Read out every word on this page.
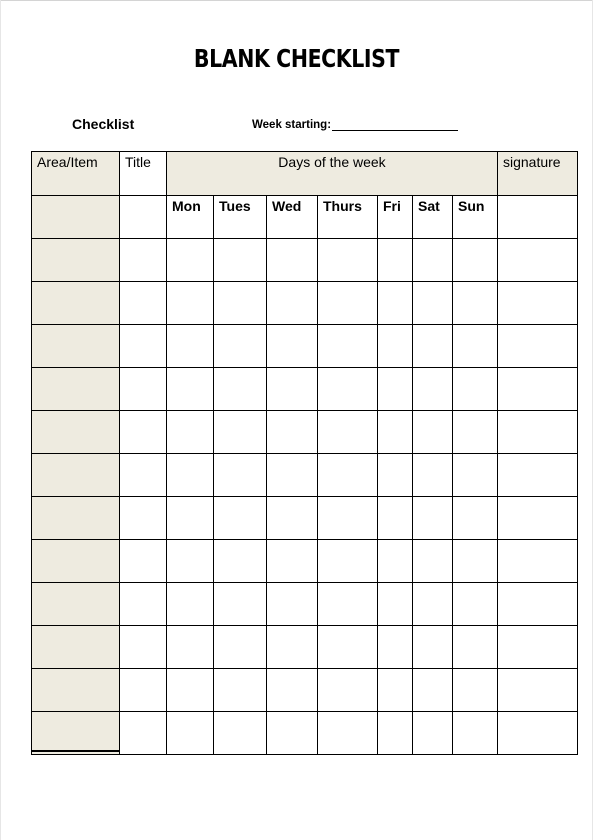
BLANK CHECKLIST
Checklist	Week starting:
Area/Item	Title	Days of the week							signature
		Mon	Tues	Wed	Thurs	Fri	Sat	Sun	
